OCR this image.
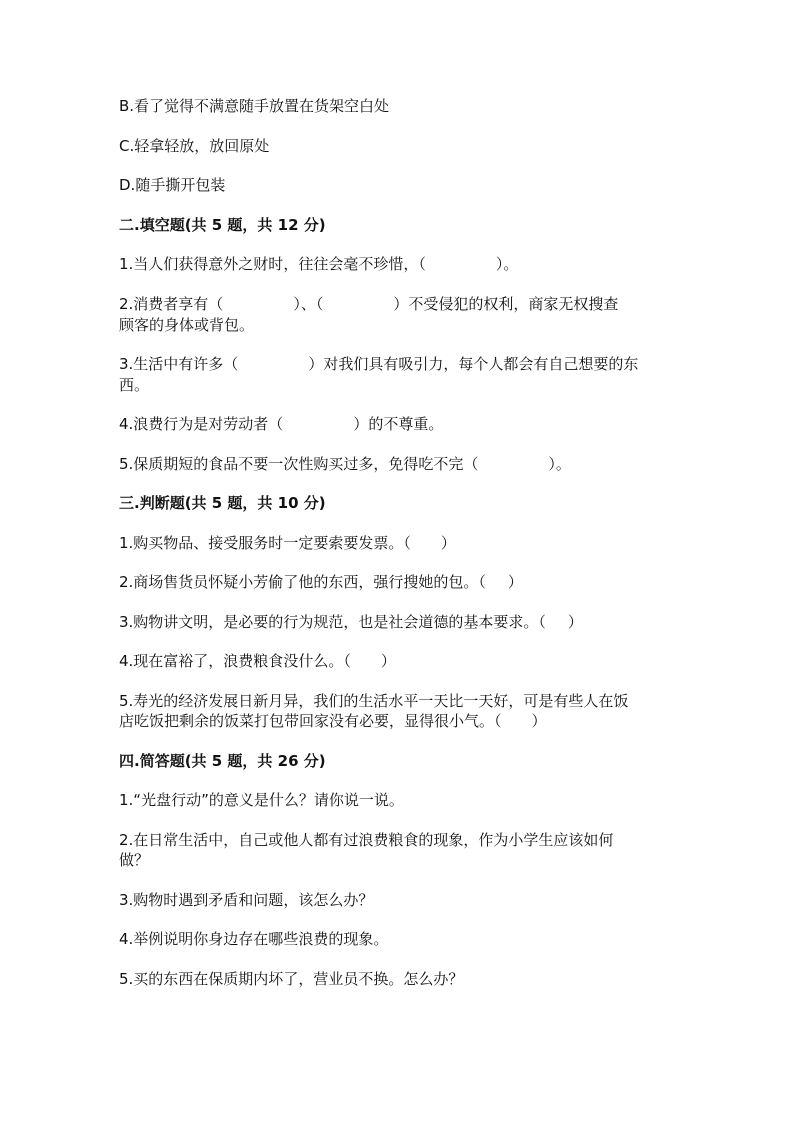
B.看了觉得不满意随手放置在货架空白处
C.轻拿轻放，放回原处
D.随手撕开包装
二.填空题(共 5 题，共 12 分)
1.当人们获得意外之财时，往往会毫不珍惜，（	）。
2.消费者享有（	）、（	）不受侵犯的权利，商家无权搜查
顾客的身体或背包。
3.生活中有许多（	）对我们具有吸引力，每个人都会有自己想要的东
西。
4.浪费行为是对劳动者（	）的不尊重。
5.保质期短的食品不要一次性购买过多，免得吃不完（	）。
三.判断题(共 5 题，共 10 分)
1.购买物品、接受服务时一定要索要发票。（ ）
2.商场售货员怀疑小芳偷了他的东西，强行搜她的包。（ ）
3.购物讲文明，是必要的行为规范，也是社会道德的基本要求。（ ）
4.现在富裕了，浪费粮食没什么。（ ）
5.寿光的经济发展日新月异，我们的生活水平一天比一天好，可是有些人在饭
店吃饭把剩余的饭菜打包带回家没有必要，显得很小气。（ ）
四.简答题(共 5 题，共 26 分)
1.“光盘行动”的意义是什么？请你说一说。
2.在日常生活中，自己或他人都有过浪费粮食的现象，作为小学生应该如何
做？
3.购物时遇到矛盾和问题，该怎么办？
4.举例说明你身边存在哪些浪费的现象。
5.买的东西在保质期内坏了，营业员不换。怎么办？
